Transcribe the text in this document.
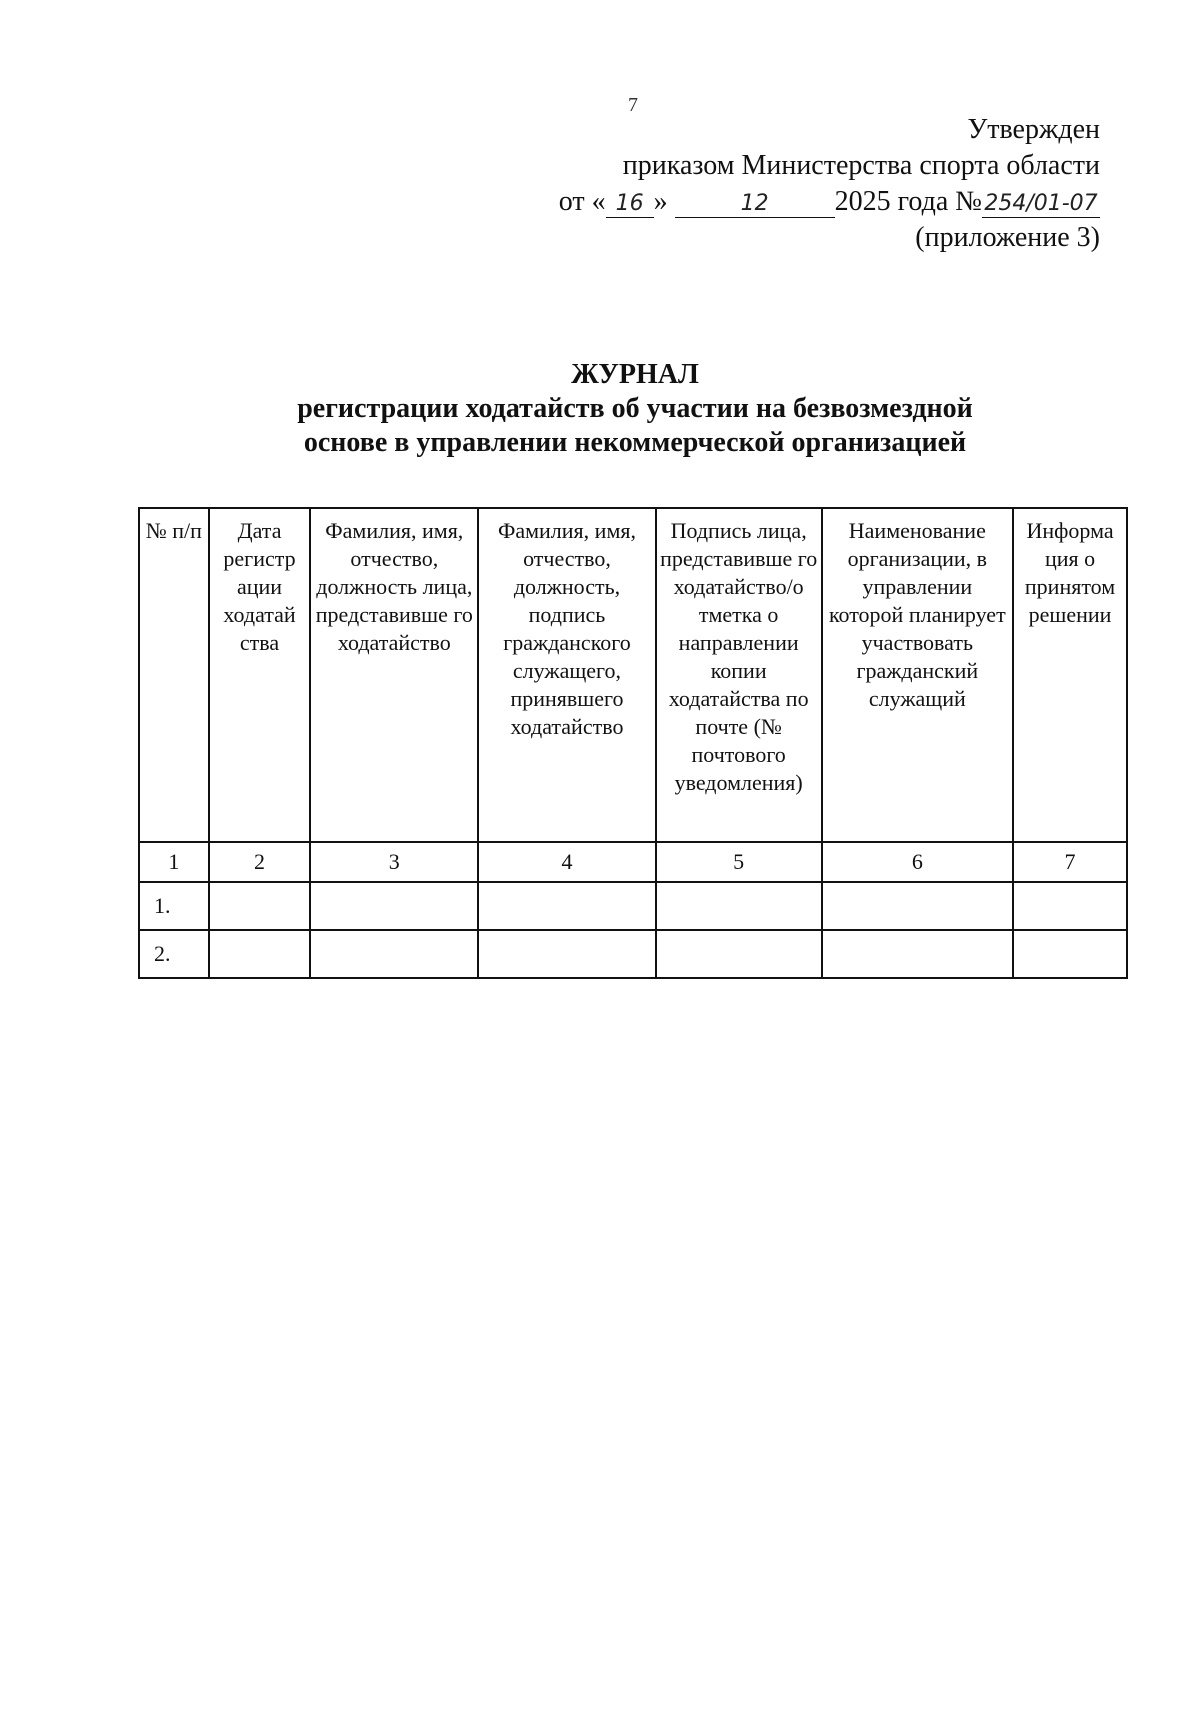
7
Утвержден
приказом Министерства спорта области
от « 16 »	12 2025 года № 254/01-07
(приложение 3)
ЖУРНАЛ
регистрации ходатайств об участии на безвозмездной
основе в управлении некоммерческой организацией
№ п/п	Дата регистр ации ходатай ства	Фамилия, имя, отчество, должность лица, представивше го ходатайство	Фамилия, имя, отчество, должность, подпись гражданского служащего, принявшего ходатайство	Подпись лица, представивше го ходатайство/о тметка о направлении копии ходатайства по почте (№ почтового уведомления)	Наименование организации, в управлении которой планирует участвовать гражданский служащий	Информа ция о принятом решении
1	2	3	4	5	6	7
1.						
2.						
